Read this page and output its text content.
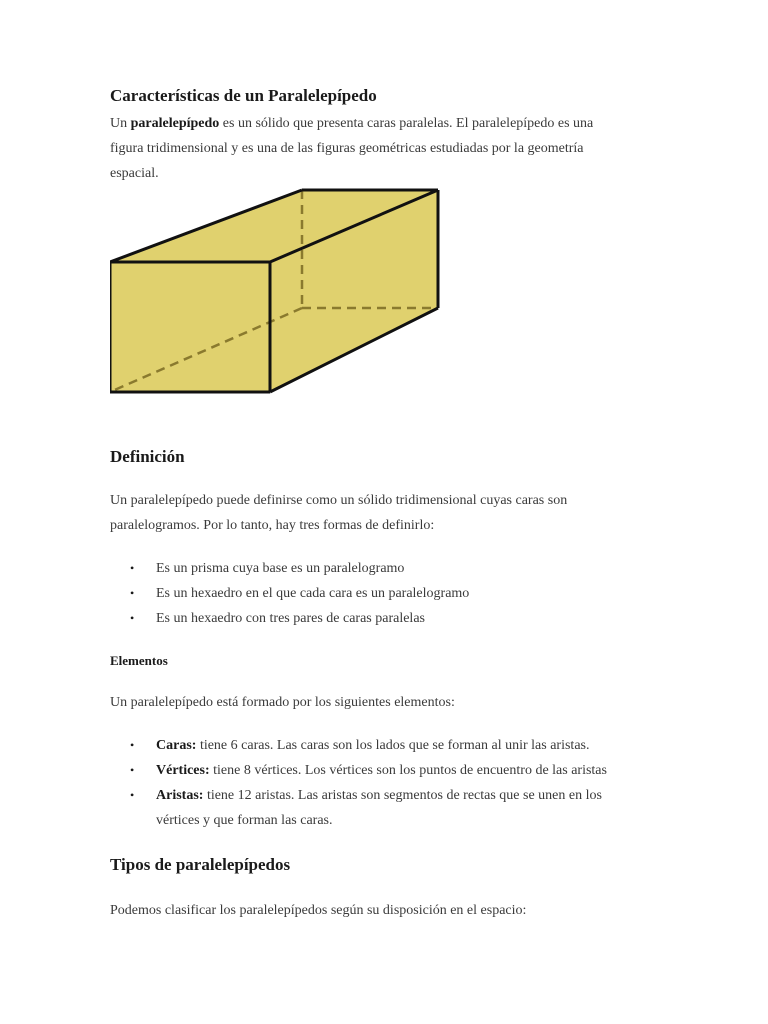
Características de un Paralelepípedo
Un paralelepípedo es un sólido que presenta caras paralelas. El paralelepípedo es una
figura tridimensional y es una de las figuras geométricas estudiadas por la geometría
espacial.
Definición
Un paralelepípedo puede definirse como un sólido tridimensional cuyas caras son
paralelogramos. Por lo tanto, hay tres formas de definirlo:
• Es un prisma cuya base es un paralelogramo
• Es un hexaedro en el que cada cara es un paralelogramo
• Es un hexaedro con tres pares de caras paralelas
Elementos
Un paralelepípedo está formado por los siguientes elementos:
• Caras: tiene 6 caras. Las caras son los lados que se forman al unir las aristas.
• Vértices: tiene 8 vértices. Los vértices son los puntos de encuentro de las aristas
• Aristas: tiene 12 aristas. Las aristas son segmentos de rectas que se unen en los
vértices y que forman las caras.
Tipos de paralelepípedos
Podemos clasificar los paralelepípedos según su disposición en el espacio:
